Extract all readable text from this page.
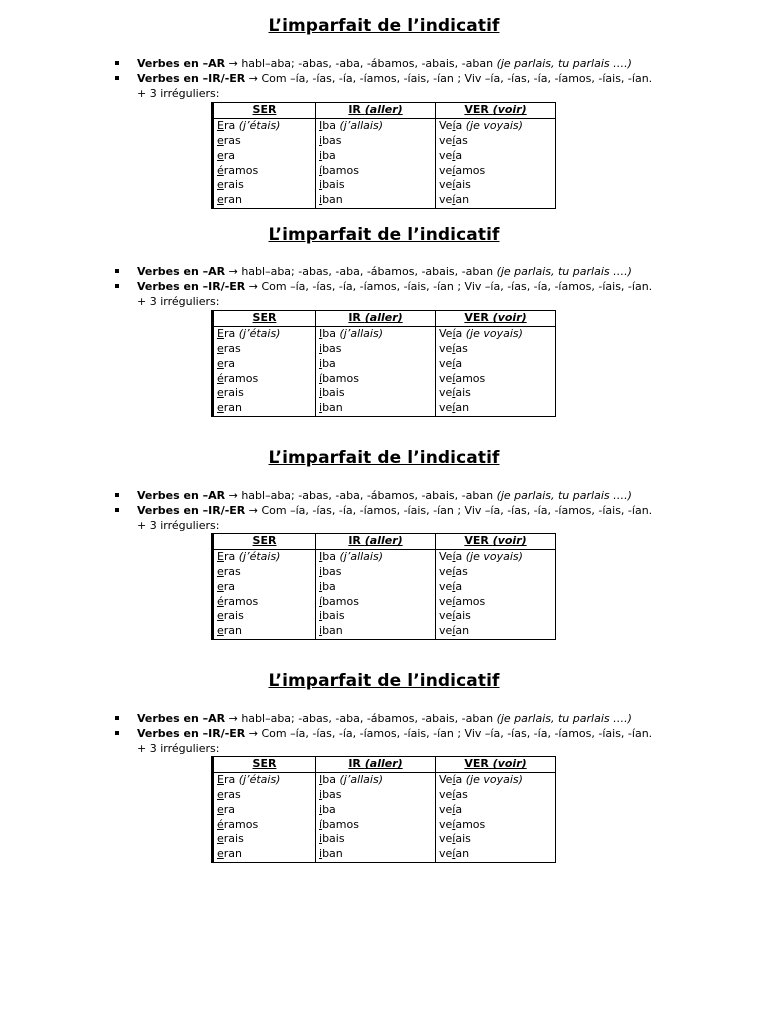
L’imparfait de l’indicatif
Verbes en –AR → habl–aba; -abas, -aba, -ábamos, -abais, -aban (je parlais, tu parlais ….)
Verbes en –IR/-ER → Com –ía, -ías, -ía, -íamos, -íais, -ían ; Viv –ía, -ías, -ía, -íamos, -íais, -ían.
+ 3 irréguliers:
SER	IR (aller)	VER (voir)
Era (j’étais)	Iba (j’allais)	Veía (je voyais)
eras	ibas	veías
era	iba	veía
éramos	íbamos	veíamos
erais	ibais	veíais
eran	iban	veían
L’imparfait de l’indicatif
Verbes en –AR → habl–aba; -abas, -aba, -ábamos, -abais, -aban (je parlais, tu parlais ….)
Verbes en –IR/-ER → Com –ía, -ías, -ía, -íamos, -íais, -ían ; Viv –ía, -ías, -ía, -íamos, -íais, -ían.
+ 3 irréguliers:
SER	IR (aller)	VER (voir)
Era (j’étais)	Iba (j’allais)	Veía (je voyais)
eras	ibas	veías
era	iba	veía
éramos	íbamos	veíamos
erais	ibais	veíais
eran	iban	veían
L’imparfait de l’indicatif
Verbes en –AR → habl–aba; -abas, -aba, -ábamos, -abais, -aban (je parlais, tu parlais ….)
Verbes en –IR/-ER → Com –ía, -ías, -ía, -íamos, -íais, -ían ; Viv –ía, -ías, -ía, -íamos, -íais, -ían.
+ 3 irréguliers:
SER	IR (aller)	VER (voir)
Era (j’étais)	Iba (j’allais)	Veía (je voyais)
eras	ibas	veías
era	iba	veía
éramos	íbamos	veíamos
erais	ibais	veíais
eran	iban	veían
L’imparfait de l’indicatif
Verbes en –AR → habl–aba; -abas, -aba, -ábamos, -abais, -aban (je parlais, tu parlais ….)
Verbes en –IR/-ER → Com –ía, -ías, -ía, -íamos, -íais, -ían ; Viv –ía, -ías, -ía, -íamos, -íais, -ían.
+ 3 irréguliers:
SER	IR (aller)	VER (voir)
Era (j’étais)	Iba (j’allais)	Veía (je voyais)
eras	ibas	veías
era	iba	veía
éramos	íbamos	veíamos
erais	ibais	veíais
eran	iban	veían
